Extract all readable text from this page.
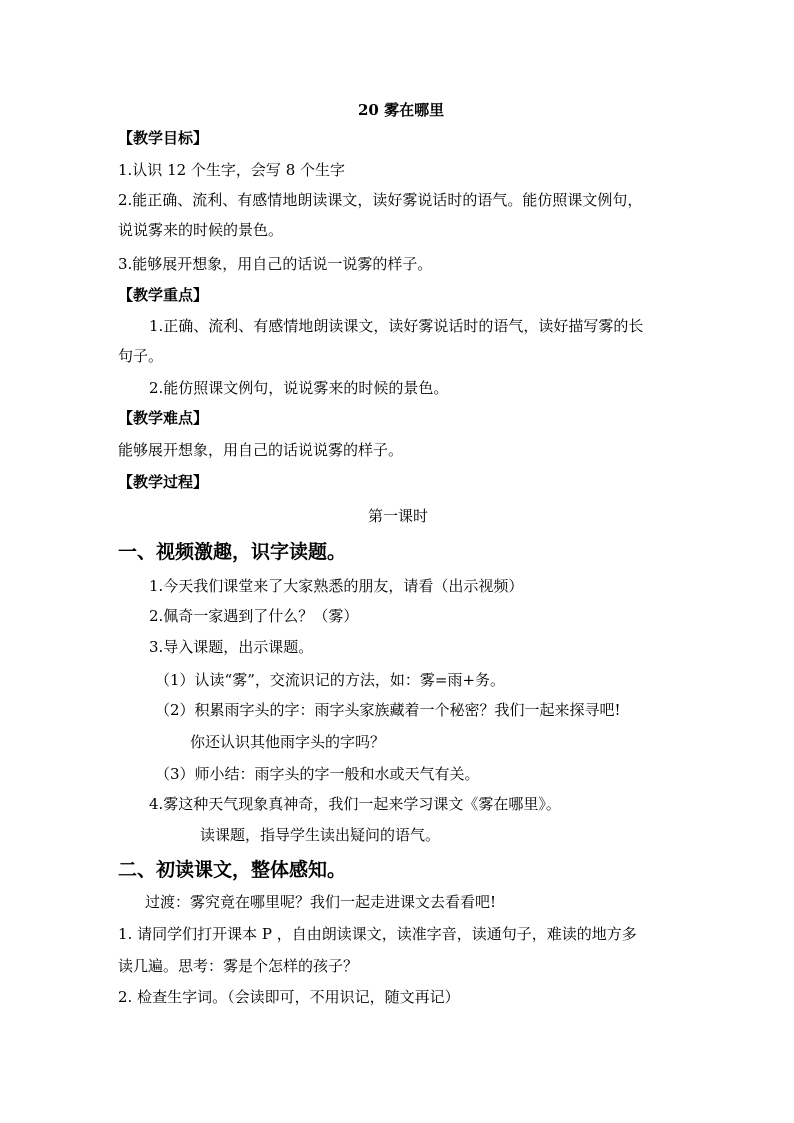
20 雾在哪里
【教学目标】
1.认识 12 个生字，会写 8 个生字
2.能正确、流利、有感情地朗读课文，读好雾说话时的语气。能仿照课文例句，
说说雾来的时候的景色。
3.能够展开想象，用自己的话说一说雾的样子。
【教学重点】
1.正确、流利、有感情地朗读课文，读好雾说话时的语气，读好描写雾的长
句子。
2.能仿照课文例句，说说雾来的时候的景色。
【教学难点】
能够展开想象，用自己的话说说雾的样子。
【教学过程】
第一课时
一、视频激趣，识字读题。
1.今天我们课堂来了大家熟悉的朋友，请看（出示视频）
2.佩奇一家遇到了什么？（雾）
3.导入课题，出示课题。
（1）认读“雾”，交流识记的方法，如：雾=雨+务。
（2）积累雨字头的字：雨字头家族藏着一个秘密？我们一起来探寻吧!
你还认识其他雨字头的字吗？
（3）师小结：雨字头的字一般和水或天气有关。
4.雾这种天气现象真神奇，我们一起来学习课文《雾在哪里》。
读课题，指导学生读出疑问的语气。
二、初读课文，整体感知。
过渡：雾究竟在哪里呢？我们一起走进课文去看看吧!
1. 请同学们打开课本 P ，自由朗读课文，读准字音，读通句子，难读的地方多
读几遍。思考：雾是个怎样的孩子？
2. 检查生字词。（会读即可，不用识记，随文再记）
